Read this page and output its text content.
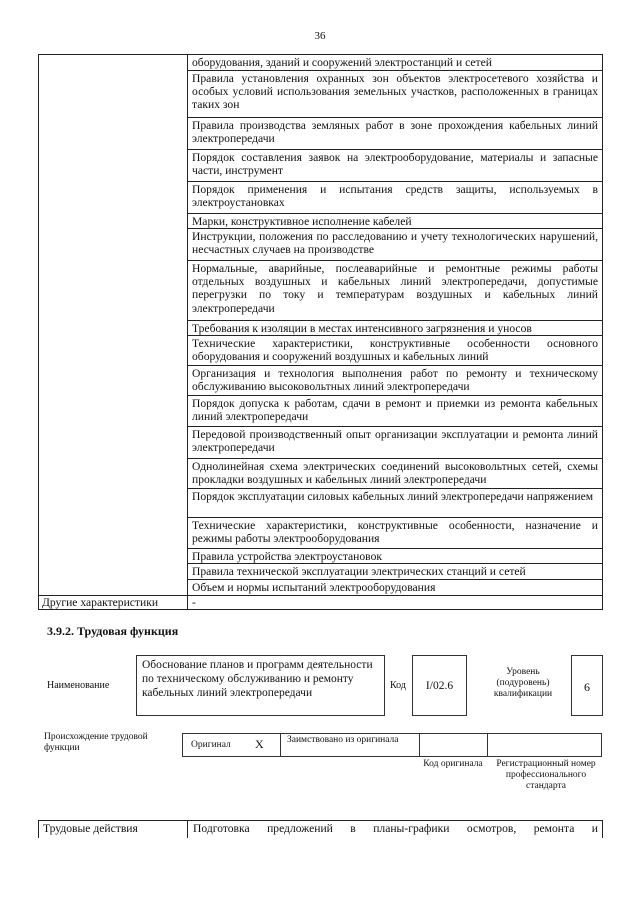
36
оборудования, зданий и сооружений электростанций и сетей
Правила установления охранных зон объектов электросетевого хозяйства и особых условий использования земельных участков, расположенных в границах таких зон
Правила производства земляных работ в зоне прохождения кабельных линий электропередачи
Порядок составления заявок на электрооборудование, материалы и запасные части, инструмент
Порядок применения и испытания средств защиты, используемых в электроустановках
Марки, конструктивное исполнение кабелей
Инструкции, положения по расследованию и учету технологических нарушений, несчастных случаев на производстве
Нормальные, аварийные, послеаварийные и ремонтные режимы работы отдельных воздушных и кабельных линий электропередачи, допустимые перегрузки по току и температурам воздушных и кабельных линий электропередачи
Требования к изоляции в местах интенсивного загрязнения и уносов
Технические характеристики, конструктивные особенности основного оборудования и сооружений воздушных и кабельных линий
Организация и технология выполнения работ по ремонту и техническому обслуживанию высоковольтных линий электропередачи
Порядок допуска к работам, сдачи в ремонт и приемки из ремонта кабельных линий электропередачи
Передовой производственный опыт организации эксплуатации и ремонта линий электропередачи
Однолинейная схема электрических соединений высоковольтных сетей, схемы прокладки воздушных и кабельных линий электропередачи
Порядок эксплуатации силовых кабельных линий электропередачи напряжением
Технические характеристики, конструктивные особенности, назначение и режимы работы электрооборудования
Правила устройства электроустановок
Правила технической эксплуатации электрических станций и сетей
Объем и нормы испытаний электрооборудования
Другие характеристики	-
3.9.2. Трудовая функция
Наименование
Обоснование планов и программ деятельности по техническому обслуживанию и ремонту кабельных линий электропередачи
Код	I/02.6
Уровень (подуровень) квалификации	6
Происхождение трудовой функции	Оригинал X Заимствовано из оригинала
Код оригинала	Регистрационный номер профессионального стандарта
Трудовые действия	Подготовка предложений в планы-графики осмотров, ремонта и
